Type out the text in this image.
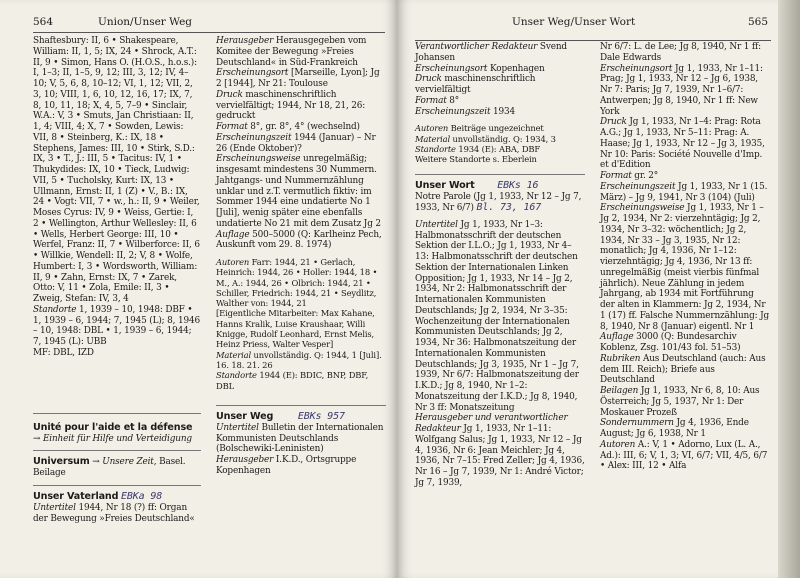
564	Union/Unser Weg

Shaftesbury: II, 6 • Shakespeare, William: II, 1, 5; IX, 24 • Shrock, A.T.: II, 9 • Simon, Hans O. (H.O.S., h.o.s.): I, 1–3; II, 1–5, 9, 12; III, 3, 12; IV, 4–10; V, 5, 6, 8, 10–12; VI, 1, 12; VII, 2, 3, 10; VIII, 1, 6, 10, 12, 16, 17; IX, 7, 8, 10, 11, 18; X, 4, 5, 7–9 • Sinclair, W.A.: V, 3 • Smuts, Jan Christiaan: II, 1, 4; VIII, 4; X, 7 • Sowden, Lewis: VII, 8 • Steinberg, K.: IX, 18 • Stephens, James: III, 10 • Stirk, S.D.: IX, 3 • T., J.: III, 5 • Tacitus: IV, 1 • Thukydides: IX, 10 • Tieck, Ludwig: VII, 5 • Tucholsky, Kurt: IX, 13 • Ullmann, Ernst: II, 1 (Z) • V., B.: IX, 24 • Vogt: VII, 7 • w., h.: II, 9 • Weiler, Moses Cyrus: IV, 9 • Weiss, Gertie: I, 2 • Wellington, Arthur Wellesley: II, 6 • Wells, Herbert George: III, 10 • Werfel, Franz: II, 7 • Wilberforce: II, 6 • Willkie, Wendell: II, 2; V, 8 • Wolfe, Humbert: I, 3 • Wordsworth, William: II, 9 • Zahn, Ernst: IX, 7 • Zarek, Otto: V, 11 • Zola, Emile: II, 3 • Zweig, Stefan: IV, 3, 4

Standorte 1, 1939 – 10, 1948: DBF • 1, 1939 – 6, 1944; 7, 1945 (L); 8, 1946 – 10, 1948: DBL • 1, 1939 – 6, 1944; 7, 1945 (L): UBB

MF: DBL, IZD

Unité pour l'aide et la défense

→ Einheit für Hilfe und Verteidigung

Universum → Unsere Zeit, Basel. Beilage

Unser Vaterland EBKa 98

Untertitel 1944, Nr 18 (?) ff: Organ der Bewegung »Freies Deutschland«

Herausgeber Herausgegeben vom Komitee der Bewegung »Freies Deutschland« in Süd-Frankreich

Erscheinungsort [Marseille, Lyon]; Jg 2 [1944], Nr 21: Toulouse

Druck maschinenschriftlich vervielfältigt; 1944, Nr 18, 21, 26: gedruckt

Format 8°, gr. 8°, 4° (wechselnd)

Erscheinungszeit 1944 (Januar) – Nr 26 (Ende Oktober)?

Erscheinungsweise unregelmäßig; insgesamt mindestens 30 Nummern. Jahtgangs- und Nummernzählung unklar und z.T. vermutlich fiktiv: im Sommer 1944 eine undatierte No 1 [Juli], wenig später eine ebenfalls undatierte No 21 mit dem Zusatz Jg 2

Auflage 500–5000 (Q: Karlheinz Pech, Auskunft vom 29. 8. 1974)

Autoren Farr: 1944, 21 • Gerlach, Heinrich: 1944, 26 • Holler: 1944, 18 • M., A.: 1944, 26 • Olbrich: 1944, 21 • Schiller, Friedrich: 1944, 21 • Seydlitz, Walther von: 1944, 21

[Eigentliche Mitarbeiter: Max Kahane, Hanns Kralik, Luise Kraushaar, Willi Knigge, Rudolf Leonhard, Ernst Melis, Heinz Priess, Walter Vesper]

Material unvollständig. Q: 1944, 1 [Juli]. 16. 18. 21. 26

Standorte 1944 (E): BDIC, BNP, DBF, DBL

Unser Weg EBKs 957

Untertitel Bulletin der Internationalen Kommunisten Deutschlands (Bolschewiki-Leninisten)

Herausgeber I.K.D., Ortsgruppe Kopenhagen

Unser Weg/Unser Wort	565

Verantwortlicher Redakteur Svend Johansen

Erscheinungsort Kopenhagen

Druck maschinenschriftlich vervielfältigt

Format 8°

Erscheinungszeit 1934

Autoren Beiträge ungezeichnet

Material unvollständig. Q: 1934, 3

Standorte 1934 (E): ABA, DBF

Weitere Standorte s. Eberlein

Unser Wort EBKs 16

Notre Parole (Jg 1, 1933, Nr 12 – Jg 7, 1933, Nr 6/7) Bl. 73, 167

Untertitel Jg 1, 1933, Nr 1–3: Halbmonatsschrift der deutschen Sektion der I.L.O.; Jg 1, 1933, Nr 4–13: Halbmonatsschrift der deutschen Sektion der Internationalen Linken Opposition; Jg 1, 1933, Nr 14 – Jg 2, 1934, Nr 2: Halbmonatsschrift der Internationalen Kommunisten Deutschlands; Jg 2, 1934, Nr 3–35: Wochenzeitung der Internationalen Kommunisten Deutschlands; Jg 2, 1934, Nr 36: Halbmonatszeitung der Internationalen Kommunisten Deutschlands; Jg 3, 1935, Nr 1 – Jg 7, 1939, Nr 6/7: Halbmonatszeitung der I.K.D.; Jg 8, 1940, Nr 1–2: Monatszeitung der I.K.D.; Jg 8, 1940, Nr 3 ff: Monatszeitung

Herausgeber und verantwortlicher Redakteur Jg 1, 1933, Nr 1–11: Wolfgang Salus; Jg 1, 1933, Nr 12 – Jg 4, 1936, Nr 6: Jean Meichler; Jg 4, 1936, Nr 7–15: Fred Zeller; Jg 4, 1936, Nr 16 – Jg 7, 1939, Nr 1: André Victor; Jg 7, 1939,

Nr 6/7: L. de Lee; Jg 8, 1940, Nr 1 ff: Dale Edwards

Erscheinungsort Jg 1, 1933, Nr 1–11: Prag; Jg 1, 1933, Nr 12 – Jg 6, 1938, Nr 7: Paris; Jg 7, 1939, Nr 1–6/7: Antwerpen; Jg 8, 1940, Nr 1 ff: New York

Druck Jg 1, 1933, Nr 1–4: Prag: Rota A.G.; Jg 1, 1933, Nr 5–11: Prag: A. Haase; Jg 1, 1933, Nr 12 – Jg 3, 1935, Nr 10: Paris: Société Nouvelle d'Imp. et d'Edition

Format gr. 2°

Erscheinungszeit Jg 1, 1933, Nr 1 (15. März) – Jg 9, 1941, Nr 3 (104) (Juli)

Erscheinungsweise Jg 1, 1933, Nr 1 – Jg 2, 1934, Nr 2: vierzehntägig; Jg 2, 1934, Nr 3–32: wöchentlich; Jg 2, 1934, Nr 33 – Jg 3, 1935, Nr 12: monatlich; Jg 4, 1936, Nr 1–12: vierzehntägig; Jg 4, 1936, Nr 13 ff: unregelmäßig (meist vierbis fünfmal jährlich). Neue Zählung in jedem Jahrgang, ab 1934 mit Fortführung der alten in Klammern: Jg 2, 1934, Nr 1 (17) ff. Falsche Nummernzählung: Jg 8, 1940, Nr 8 (Januar) eigentl. Nr 1

Auflage 3000 (Q: Bundesarchiv Koblenz, Zsg. 101/43 fol. 51–53)

Rubriken Aus Deutschland (auch: Aus dem III. Reich); Briefe aus Deutschland

Beilagen Jg 1, 1933, Nr 6, 8, 10: Aus Österreich; Jg 5, 1937, Nr 1: Der Moskauer Prozeß

Sondernummern Jg 4, 1936, Ende August; Jg 6, 1938, Nr 1

Autoren A.: V, 1 • Adorno, Lux (L. A., Ad.): III, 6; V, 1, 3; VI, 6/7; VII, 4/5, 6/7 • Alex: III, 12 • Alfa
